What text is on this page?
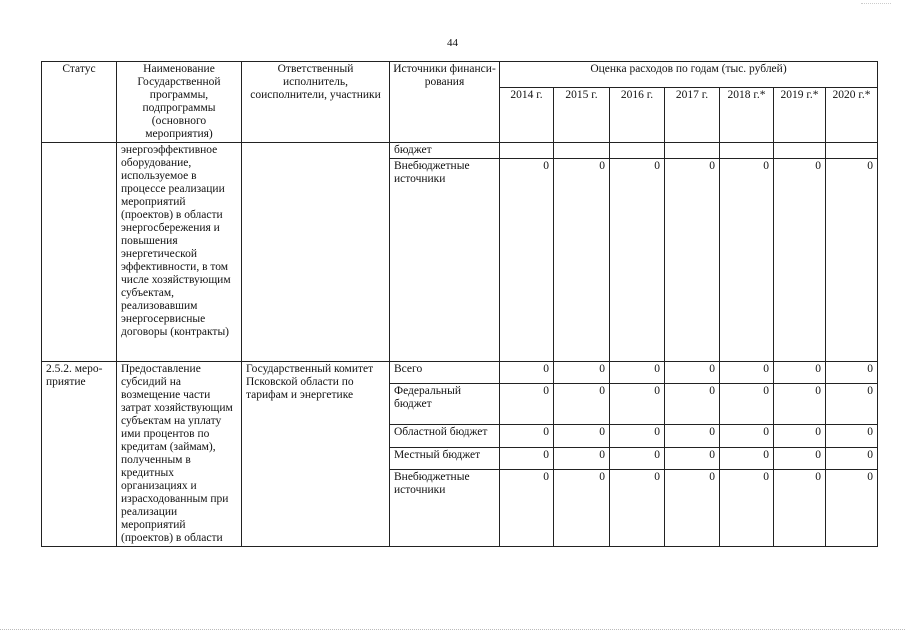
44
Статус	Наименование Государственной программы, подпрограммы (основного мероприятия)	Ответственный исполнитель, соисполнители, участники	Источники финанси-рования	Оценка расходов по годам (тыс. рублей)						
				2014 г.	2015 г.	2016 г.	2017 г.	2018 г.*	2019 г.*	2020 г.*
	энергоэффективное оборудование, используемое в процессе реализации мероприятий (проектов) в области энергосбережения и повышения энергетической эффективности, в том числе хозяйствующим субъектам, реализовавшим энергосервисные договоры (контракты)		бюджет							
			Внебюджетные источники	0	0	0	0	0	0	0
2.5.2. меро-приятие	Предоставление субсидий на возмещение части затрат хозяйствующим субъектам на уплату ими процентов по кредитам (займам), полученным в кредитных организациях и израсходованным при реализации мероприятий (проектов) в области	Государственный комитет Псковской области по тарифам и энергетике	Всего	0	0	0	0	0	0	0
			Федеральный бюджет	0	0	0	0	0	0	0
			Областной бюджет	0	0	0	0	0	0	0
			Местный бюджет	0	0	0	0	0	0	0
			Внебюджетные источники	0	0	0	0	0	0	0
